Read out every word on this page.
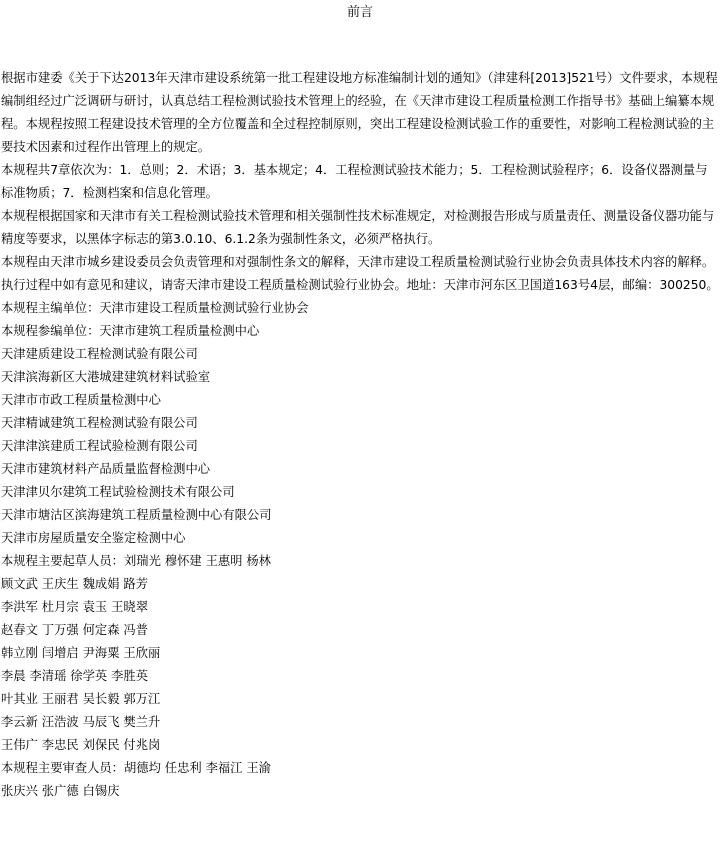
前言

根据市建委《关于下达2013年天津市建设系统第一批工程建设地方标准编制计划的通知》（津建科[2013]521号）文件要求，本规程编制组经过广泛调研与研讨，认真总结工程检测试验技术管理上的经验，在《天津市建设工程质量检测工作指导书》基础上编纂本规程。本规程按照工程建设技术管理的全方位覆盖和全过程控制原则，突出工程建设检测试验工作的重要性，对影响工程检测试验的主要技术因素和过程作出管理上的规定。

本规程共7章依次为：1．总则；2．术语；3．基本规定；4．工程检测试验技术能力；5．工程检测试验程序；6．设备仪器测量与标准物质；7．检测档案和信息化管理。

本规程根据国家和天津市有关工程检测试验技术管理和相关强制性技术标准规定，对检测报告形成与质量责任、测量设备仪器功能与精度等要求，以黑体字标志的第3.0.10、6.1.2条为强制性条文，必须严格执行。

本规程由天津市城乡建设委员会负责管理和对强制性条文的解释，天津市建设工程质量检测试验行业协会负责具体技术内容的解释。执行过程中如有意见和建议，请寄天津市建设工程质量检测试验行业协会。地址：天津市河东区卫国道163号4层，邮编：300250。

本规程主编单位：天津市建设工程质量检测试验行业协会

本规程参编单位：天津市建筑工程质量检测中心

天津建质建设工程检测试验有限公司

天津滨海新区大港城建建筑材料试验室

天津市市政工程质量检测中心

天津精诚建筑工程检测试验有限公司

天津津滨建质工程试验检测有限公司

天津市建筑材料产品质量监督检测中心

天津津贝尔建筑工程试验检测技术有限公司

天津市塘沽区滨海建筑工程质量检测中心有限公司

天津市房屋质量安全鉴定检测中心

本规程主要起草人员：刘瑞光 穆怀建 王惠明 杨林

顾文武 王庆生 魏成娟 路芳

李洪军 杜月宗 袁玉 王晓翠

赵春文 丁万强 何定森 冯普

韩立刚 闫增启 尹海粟 王欣丽

李晨 李清瑶 徐学英 李胜英

叶其业 王丽君 吴长毅 郭万江

李云新 汪浩波 马辰飞 樊兰升

王伟广 李忠民 刘保民 付兆岗

本规程主要审查人员：胡德均 任忠利 李福江 王渝

张庆兴 张广德 白锡庆
